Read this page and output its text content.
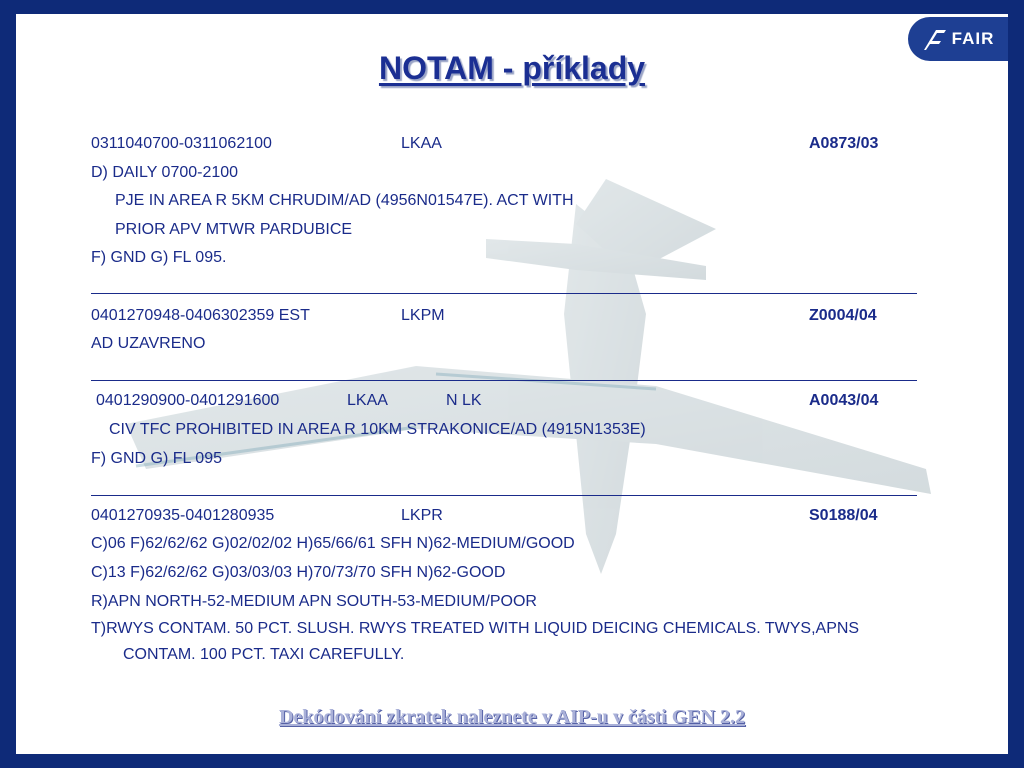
FAIR
NOTAM - příklady
0311040700-0311062100	LKAA	A0873/03
D) DAILY 0700-2100
PJE IN AREA R 5KM CHRUDIM/AD (4956N01547E). ACT WITH
PRIOR APV MTWR PARDUBICE
F) GND G) FL 095.
0401270948-0406302359 EST	LKPM	Z0004/04
AD UZAVRENO
0401290900-0401291600	LKAA	N LK	A0043/04
CIV TFC PROHIBITED IN AREA R 10KM STRAKONICE/AD (4915N1353E)
F) GND G) FL 095
0401270935-0401280935	LKPR	S0188/04
C)06 F)62/62/62 G)02/02/02 H)65/66/61 SFH N)62-MEDIUM/GOOD
C)13 F)62/62/62 G)03/03/03 H)70/73/70 SFH N)62-GOOD
R)APN NORTH-52-MEDIUM APN SOUTH-53-MEDIUM/POOR
T)RWYS CONTAM. 50 PCT. SLUSH. RWYS TREATED WITH LIQUID DEICING CHEMICALS. TWYS,APNS CONTAM. 100 PCT. TAXI CAREFULLY.
Dekódování zkratek naleznete v AIP-u v části GEN 2.2
